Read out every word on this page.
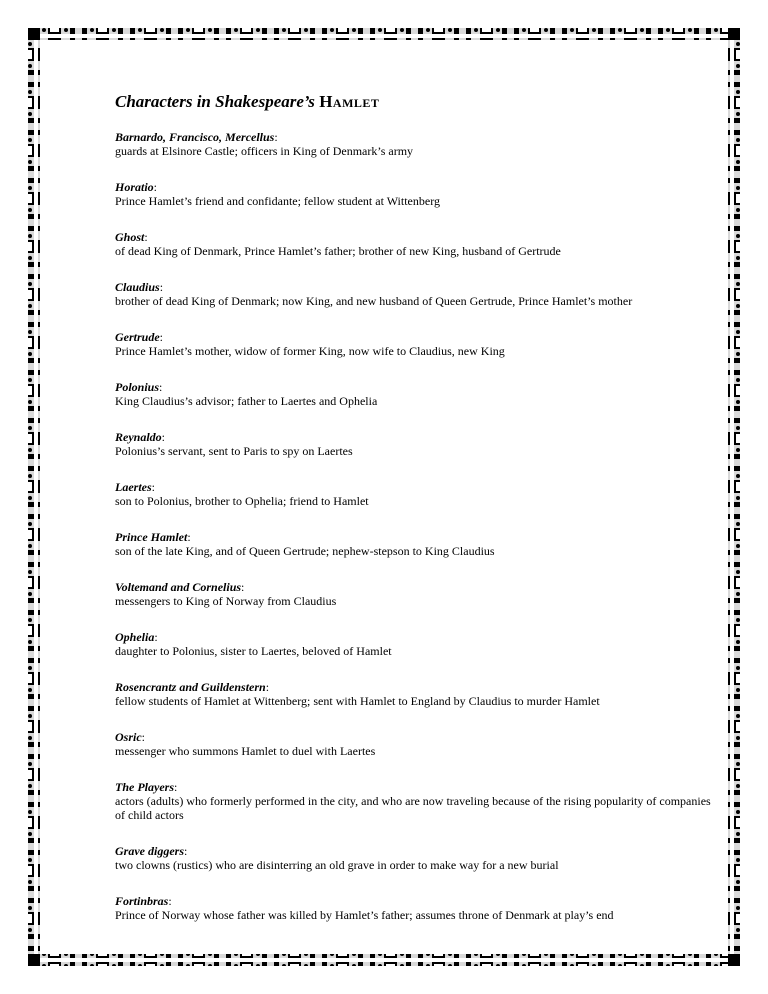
Characters in Shakespeare’s Hamlet
Barnardo, Francisco, Mercellus:
guards at Elsinore Castle; officers in King of Denmark’s army
Horatio:
Prince Hamlet’s friend and confidante; fellow student at Wittenberg
Ghost:
of dead King of Denmark, Prince Hamlet’s father; brother of new King, husband of Gertrude
Claudius:
brother of dead King of Denmark; now King, and new husband of Queen Gertrude, Prince Hamlet’s mother
Gertrude:
Prince Hamlet’s mother, widow of former King, now wife to Claudius, new King
Polonius:
King Claudius’s advisor; father to Laertes and Ophelia
Reynaldo:
Polonius’s servant, sent to Paris to spy on Laertes
Laertes:
son to Polonius, brother to Ophelia; friend to Hamlet
Prince Hamlet:
son of the late King, and of Queen Gertrude; nephew-stepson to King Claudius
Voltemand and Cornelius:
messengers to King of Norway from Claudius
Ophelia:
daughter to Polonius, sister to Laertes, beloved of Hamlet
Rosencrantz and Guildenstern:
fellow students of Hamlet at Wittenberg; sent with Hamlet to England by Claudius to murder Hamlet
Osric:
messenger who summons Hamlet to duel with Laertes
The Players:
actors (adults) who formerly performed in the city, and who are now traveling because of the rising popularity of companies of child actors
Grave diggers:
two clowns (rustics) who are disinterring an old grave in order to make way for a new burial
Fortinbras:
Prince of Norway whose father was killed by Hamlet’s father; assumes throne of Denmark at play’s end
